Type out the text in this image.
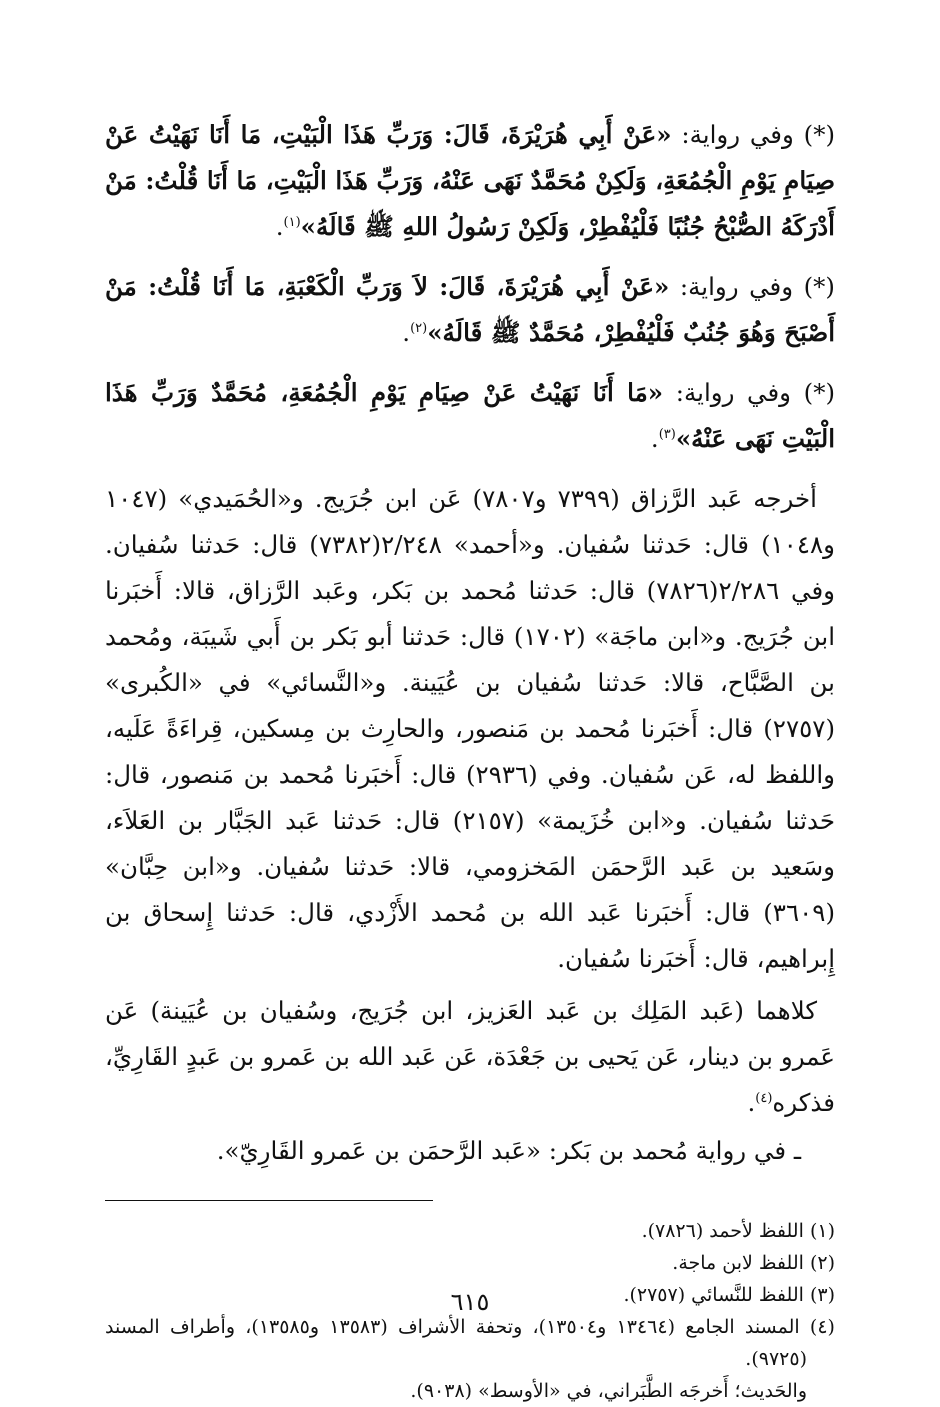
(*) وفي رواية: «عَنْ أَبِي هُرَيْرَةَ، قَالَ: وَرَبِّ هَذَا الْبَيْتِ، مَا أَنَا نَهَيْتُ عَنْ صِيَامِ يَوْمِ الْجُمُعَةِ، وَلَكِنْ مُحَمَّدٌ نَهَى عَنْهُ، وَرَبِّ هَذَا الْبَيْتِ، مَا أَنَا قُلْتُ: مَنْ أَدْرَكَهُ الصُّبْحُ جُنُبًا فَلْيُفْطِرْ، وَلَكِنْ رَسُولُ اللهِ ﷺ قَالَهُ»$^{(١)}$.

(*) وفي رواية: «عَنْ أَبِي هُرَيْرَةَ، قَالَ: لاَ وَرَبِّ الْكَعْبَةِ، مَا أَنَا قُلْتُ: مَنْ أَصْبَحَ وَهُوَ جُنُبٌ فَلْيُفْطِرْ، مُحَمَّدٌ ﷺ قَالَهُ»$^{(٢)}$.

(*) وفي رواية: «مَا أَنَا نَهَيْتُ عَنْ صِيَامِ يَوْمِ الْجُمُعَةِ، مُحَمَّدٌ وَرَبِّ هَذَا الْبَيْتِ نَهَى عَنْهُ»$^{(٣)}$.

أخرجه عَبد الرَّزاق (٧٣٩٩ و٧٨٠٧) عَن ابن جُرَيج. و«الحُمَيدي» (١٠٤٧ و١٠٤٨) قال: حَدثنا سُفيان. و«أحمد» ٢/٢٤٨(٧٣٨٢) قال: حَدثنا سُفيان. وفي ٢/٢٨٦(٧٨٢٦) قال: حَدثنا مُحمد بن بَكر، وعَبد الرَّزاق، قالا: أَخبَرنا ابن جُرَيج. و«ابن ماجَة» (١٧٠٢) قال: حَدثنا أبو بَكر بن أَبي شَيبَة، ومُحمد بن الصَّبَّاح، قالا: حَدثنا سُفيان بن عُيَينة. و«النَّسائي» في «الكُبرى» (٢٧٥٧) قال: أَخبَرنا مُحمد بن مَنصور، والحارِث بن مِسكين، قِراءَةً عَلَيه، واللفظ له، عَن سُفيان. وفي (٢٩٣٦) قال: أَخبَرنا مُحمد بن مَنصور، قال: حَدثنا سُفيان. و«ابن خُزَيمة» (٢١٥٧) قال: حَدثنا عَبد الجَبَّار بن العَلاَء، وسَعيد بن عَبد الرَّحمَن المَخزومي، قالا: حَدثنا سُفيان. و«ابن حِبَّان» (٣٦٠٩) قال: أَخبَرنا عَبد الله بن مُحمد الأَزْدي، قال: حَدثنا إِسحاق بن إِبراهيم، قال: أَخبَرنا سُفيان.

كلاهما (عَبد المَلِك بن عَبد العَزيز، ابن جُرَيج، وسُفيان بن عُيَينة) عَن عَمرو بن دينار، عَن يَحيى بن جَعْدَة، عَن عَبد الله بن عَمرو بن عَبدٍ القَارِيِّ، فذكره$^{(٤)}$.

ـ في رواية مُحمد بن بَكر: «عَبد الرَّحمَن بن عَمرو القَارِيّ».

(١) اللفظ لأحمد (٧٨٢٦).

(٢) اللفظ لابن ماجة.

(٣) اللفظ للنَّسائي (٢٧٥٧).

(٤) المسند الجامع (١٣٤٦٤ و١٣٥٠٤)، وتحفة الأشراف (١٣٥٨٣ و١٣٥٨٥)، وأطراف المسند (٩٧٢٥).

والحَديث؛ أَخرجَه الطَّبَراني، في «الأوسط» (٩٠٣٨).

٦١٥
